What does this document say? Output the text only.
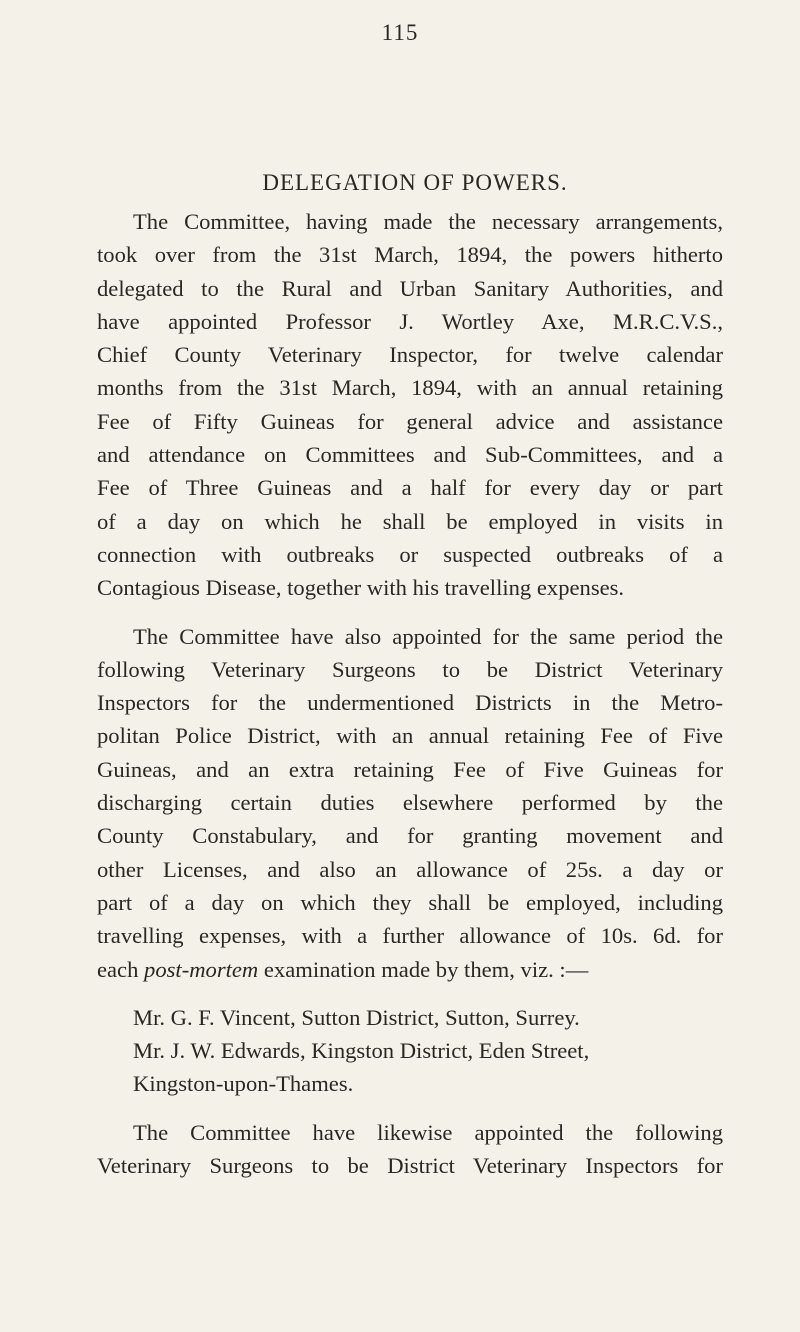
115
DELEGATION OF POWERS.

The Committee, having made the necessary arrangements,
took over from the 31st March, 1894, the powers hitherto
delegated to the Rural and Urban Sanitary Authorities, and
have appointed Professor J. Wortley Axe, M.R.C.V.S.,
Chief County Veterinary Inspector, for twelve calendar
months from the 31st March, 1894, with an annual retaining
Fee of Fifty Guineas for general advice and assistance
and attendance on Committees and Sub-Committees, and a
Fee of Three Guineas and a half for every day or part
of a day on which he shall be employed in visits in
connection with outbreaks or suspected outbreaks of a
Contagious Disease, together with his travelling expenses.

The Committee have also appointed for the same period the
following Veterinary Surgeons to be District Veterinary
Inspectors for the undermentioned Districts in the Metro-
politan Police District, with an annual retaining Fee of Five
Guineas, and an extra retaining Fee of Five Guineas for
discharging certain duties elsewhere performed by the
County Constabulary, and for granting movement and
other Licenses, and also an allowance of 25s. a day or
part of a day on which they shall be employed, including
travelling expenses, with a further allowance of 10s. 6d. for
each post-mortem examination made by them, viz. :—

Mr. G. F. Vincent, Sutton District, Sutton, Surrey.
Mr. J. W. Edwards, Kingston District, Eden Street,
Kingston-upon-Thames.

The Committee have likewise appointed the following
Veterinary Surgeons to be District Veterinary Inspectors for
